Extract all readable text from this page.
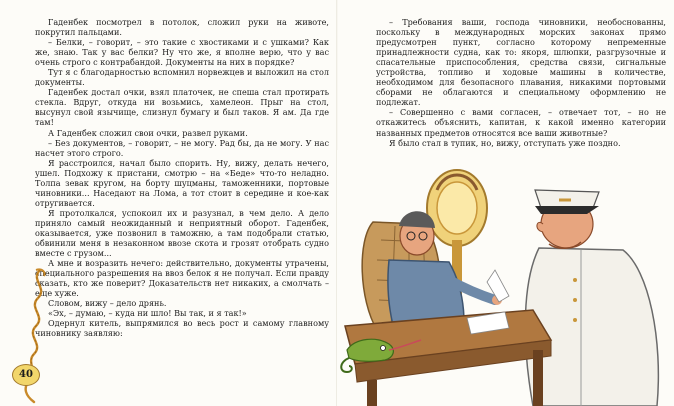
Гаденбек посмотрел в потолок, сложил руки на животе, покрутил пальцами.

– Белки, – говорит, – это такие с хвостиками и с ушками? Как же, знаю. Так у вас белки? Ну что же, я вполне верю, что у вас очень строго с контрабандой. Документы на них в порядке?

Тут я с благодарностью вспомнил норвежцев и выложил на стол документы.

Гаденбек достал очки, взял платочек, не спеша стал протирать стекла. Вдруг, откуда ни возьмись, хамелеон. Прыг на стол, высунул свой язычище, слизнул бумагу и был таков. Я ам. Да где там!

А Гаденбек сложил свои очки, развел руками.

– Без документов, – говорит, – не могу. Рад бы, да не могу. У нас насчет этого строго.

Я расстроился, начал было спорить. Ну, вижу, делать нечего, ушел. Подхожу к пристани, смотрю – на «Беде» что-то неладно. Толпа зевак кругом, на борту шуцманы, таможенники, портовые чиновники... Наседают на Лома, а тот стоит в середине и кое-как отругивается.

Я протолкался, успокоил их и разузнал, в чем дело. А дело приняло самый неожиданный и неприятный оборот. Гаденбек, оказывается, уже позвонил в таможню, а там подобрали статью, обвинили меня в незаконном ввозе скота и грозят отобрать судно вместе с грузом...

А мне и возразить нечего: действительно, документы утрачены, специального разрешения на ввоз белок я не получал. Если правду сказать, кто же поверит? Доказательств нет никаких, а смолчать – еще хуже.

Словом, вижу – дело дрянь.

«Эх, – думаю, – куда ни шло! Вы так, и я так!»

Одернул китель, выпрямился во весь рост и самому главному чиновнику заявляю:

40

– Требования ваши, господа чиновники, необоснованны, поскольку в международных морских законах прямо предусмотрен пункт, согласно которому непременные принадлежности судна, как то: якоря, шлюпки, разгрузочные и спасательные приспособления, средства связи, сигнальные устройства, топливо и ходовые машины в количестве, необходимом для безопасного плавания, никакими портовыми сборами не облагаются и специальному оформлению не подлежат.

– Совершенно с вами согласен, – отвечает тот, – но не откажитесь объяснить, капитан, к какой именно категории названных предметов относятся все ваши животные?

Я было стал в тупик, но, вижу, отступать уже поздно.
